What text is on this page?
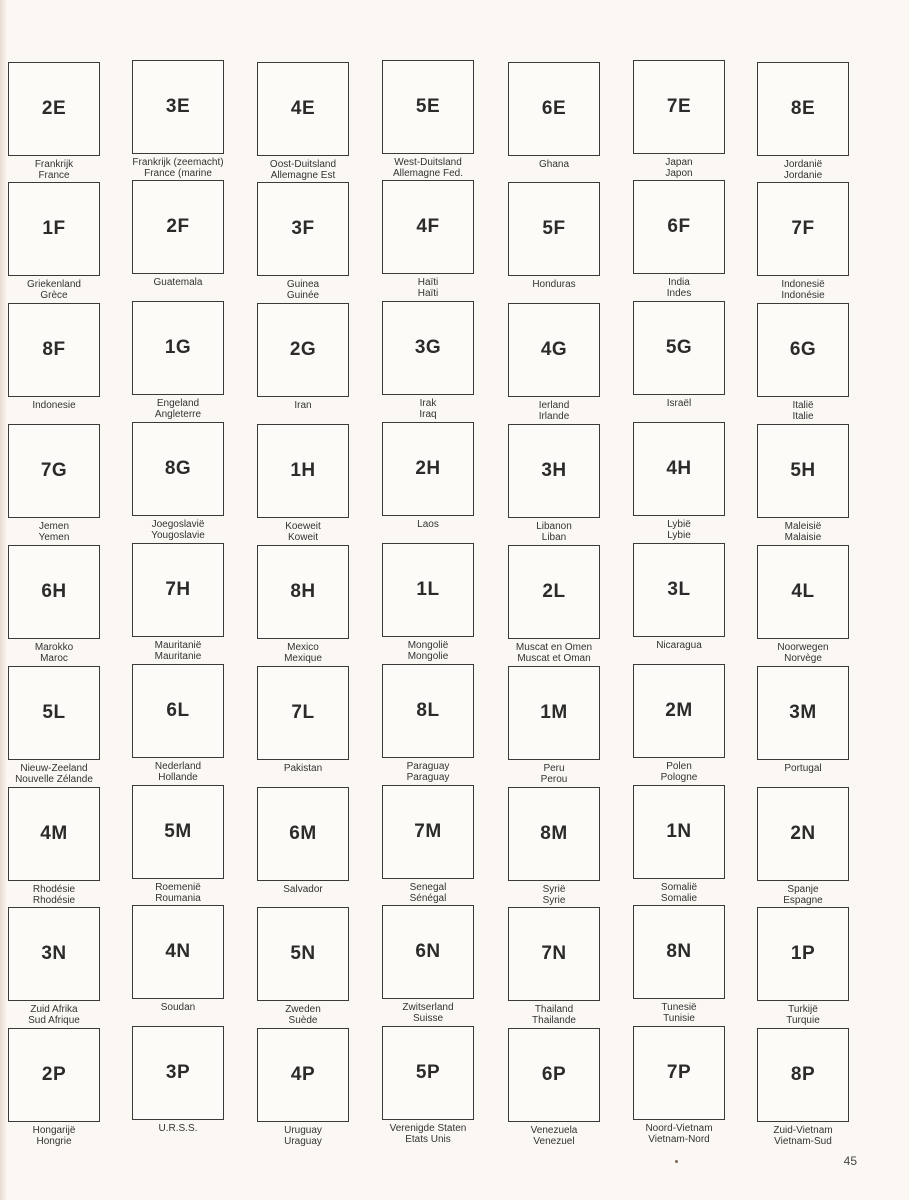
2E
Frankrijk
France
3E
Frankrijk (zeemacht)
France (marine
4E
Oost-Duitsland
Allemagne Est
5E
West-Duitsland
Allemagne Fed.
6E
Ghana
7E
Japan
Japon
8E
Jordanië
Jordanie
1F
Griekenland
Grèce
2F
Guatemala
3F
Guinea
Guinée
4F
Haïti
Haïti
5F
Honduras
6F
India
Indes
7F
Indonesië
Indonésie
8F
Indonesie
1G
Engeland
Angleterre
2G
Iran
3G
Irak
Iraq
4G
Ierland
Irlande
5G
Israël
6G
Italië
Italie
7G
Jemen
Yemen
8G
Joegoslavië
Yougoslavie
1H
Koeweit
Koweit
2H
Laos
3H
Libanon
Liban
4H
Lybië
Lybie
5H
Maleisië
Malaisie
6H
Marokko
Maroc
7H
Mauritanië
Mauritanie
8H
Mexico
Mexique
1L
Mongolië
Mongolie
2L
Muscat en Omen
Muscat et Oman
3L
Nicaragua
4L
Noorwegen
Norvège
5L
Nieuw-Zeeland
Nouvelle Zélande
6L
Nederland
Hollande
7L
Pakistan
8L
Paraguay
Paraguay
1M
Peru
Perou
2M
Polen
Pologne
3M
Portugal
4M
Rhodésie
Rhodésie
5M
Roemenië
Roumania
6M
Salvador
7M
Senegal
Sénégal
8M
Syrië
Syrie
1N
Somalië
Somalie
2N
Spanje
Espagne
3N
Zuid Afrika
Sud Afrique
4N
Soudan
5N
Zweden
Suède
6N
Zwitserland
Suisse
7N
Thailand
Thailande
8N
Tunesië
Tunisie
1P
Turkijë
Turquie
2P
Hongarijë
Hongrie
3P
U.R.S.S.
4P
Uruguay
Uraguay
5P
Verenigde Staten
Etats Unis
6P
Venezuela
Venezuel
7P
Noord-Vietnam
Vietnam-Nord
8P
Zuid-Vietnam
Vietnam-Sud
45
